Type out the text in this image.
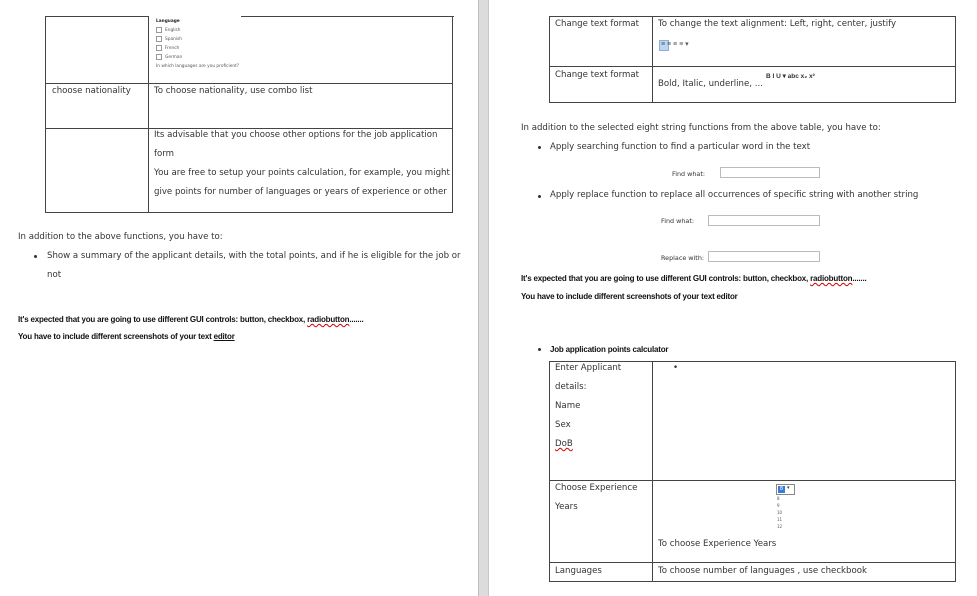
Language
English
Spanish
French
German
In which languages are you proficient?
choose nationality	To choose nationality, use combo list
Its advisable that you choose other options for the job application
form
You are free to setup your points calculation, for example, you might
give points for number of languages or years of experience or other
In addition to the above functions, you have to:
Show a summary of the applicant details, with the total points, and if he is eligible for the job or
not
It's expected that you are going to use different GUI controls: button, checkbox, radiobutton.......
You have to include different screenshots of your text editor
Change text format To change the text alignment: Left, right, center, justify
≡ ≡ ≡ ≡ ▾
Change text format
Bold, Italic, underline, ...
B I U ▾ abc x₂ x²
In addition to the selected eight string functions from the above table, you have to:
Apply searching function to find a particular word in the text
Find what:
Apply replace function to replace all occurrences of specific string with another string
Find what:
Replace with:
It's expected that you are going to use different GUI controls: button, checkbox, radiobutton.......
You have to include different screenshots of your text editor
Job application points calculator
Enter Applicant
details:
Name
Sex
DoB
•
Choose Experience
Years
8 ▾
8
9
10
11
12
To choose Experience Years
Languages	To choose number of languages , use checkbook
